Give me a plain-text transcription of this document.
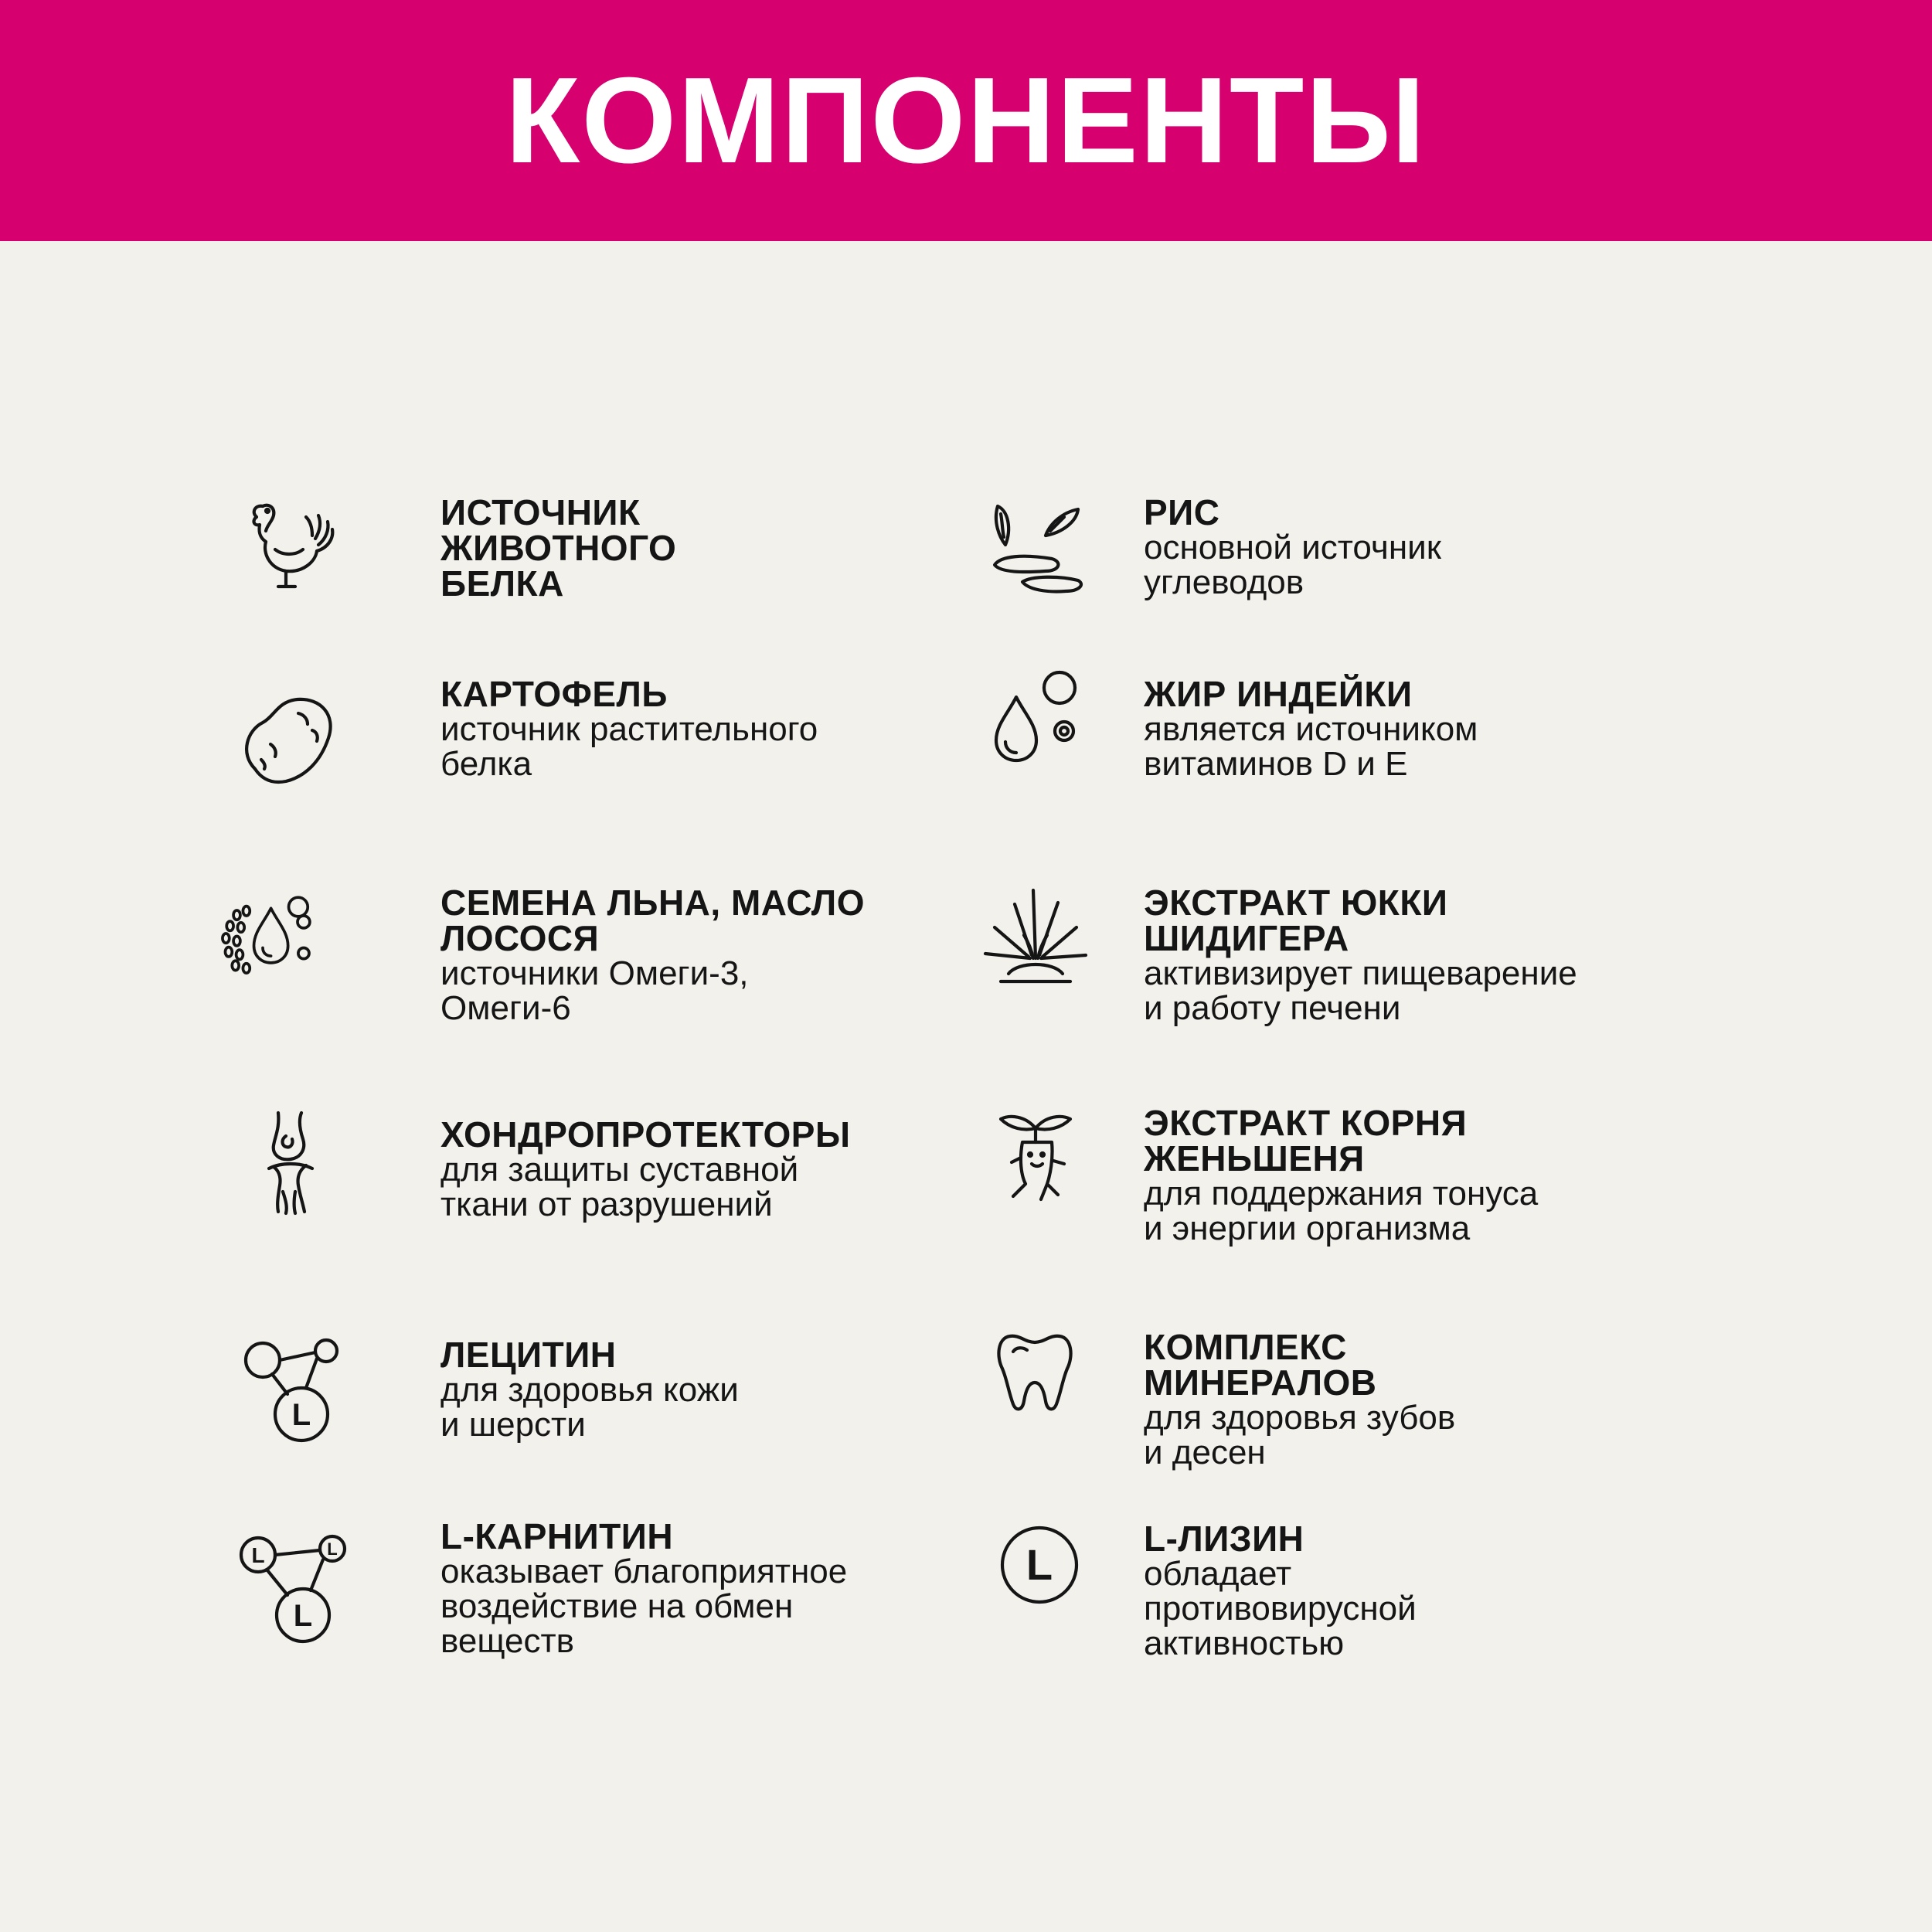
КОМПОНЕНТЫ
ИСТОЧНИК
ЖИВОТНОГО
БЕЛКА
КАРТОФЕЛЬ
источник растительного
белка
СЕМЕНА ЛЬНА, МАСЛО
ЛОСОСЯ
источники Омеги-3,
Омеги-6
ХОНДРОПРОТЕКТОРЫ
для защиты суставной
ткани от разрушений
L
ЛЕЦИТИН
для здоровья кожи
и шерсти
L	L
L
L-КАРНИТИН
оказывает благоприятное
воздействие на обмен
веществ
РИС
основной источник
углеводов
ЖИР ИНДЕЙКИ
является источником
витаминов D и E
ЭКСТРАКТ ЮККИ
ШИДИГЕРА
активизирует пищеварение
и работу печени
ЭКСТРАКТ КОРНЯ
ЖЕНЬШЕНЯ
для поддержания тонуса
и энергии организма
КОМПЛЕКС
МИНЕРАЛОВ
для здоровья зубов
и десен
L
L-ЛИЗИН
обладает
противовирусной
активностью
